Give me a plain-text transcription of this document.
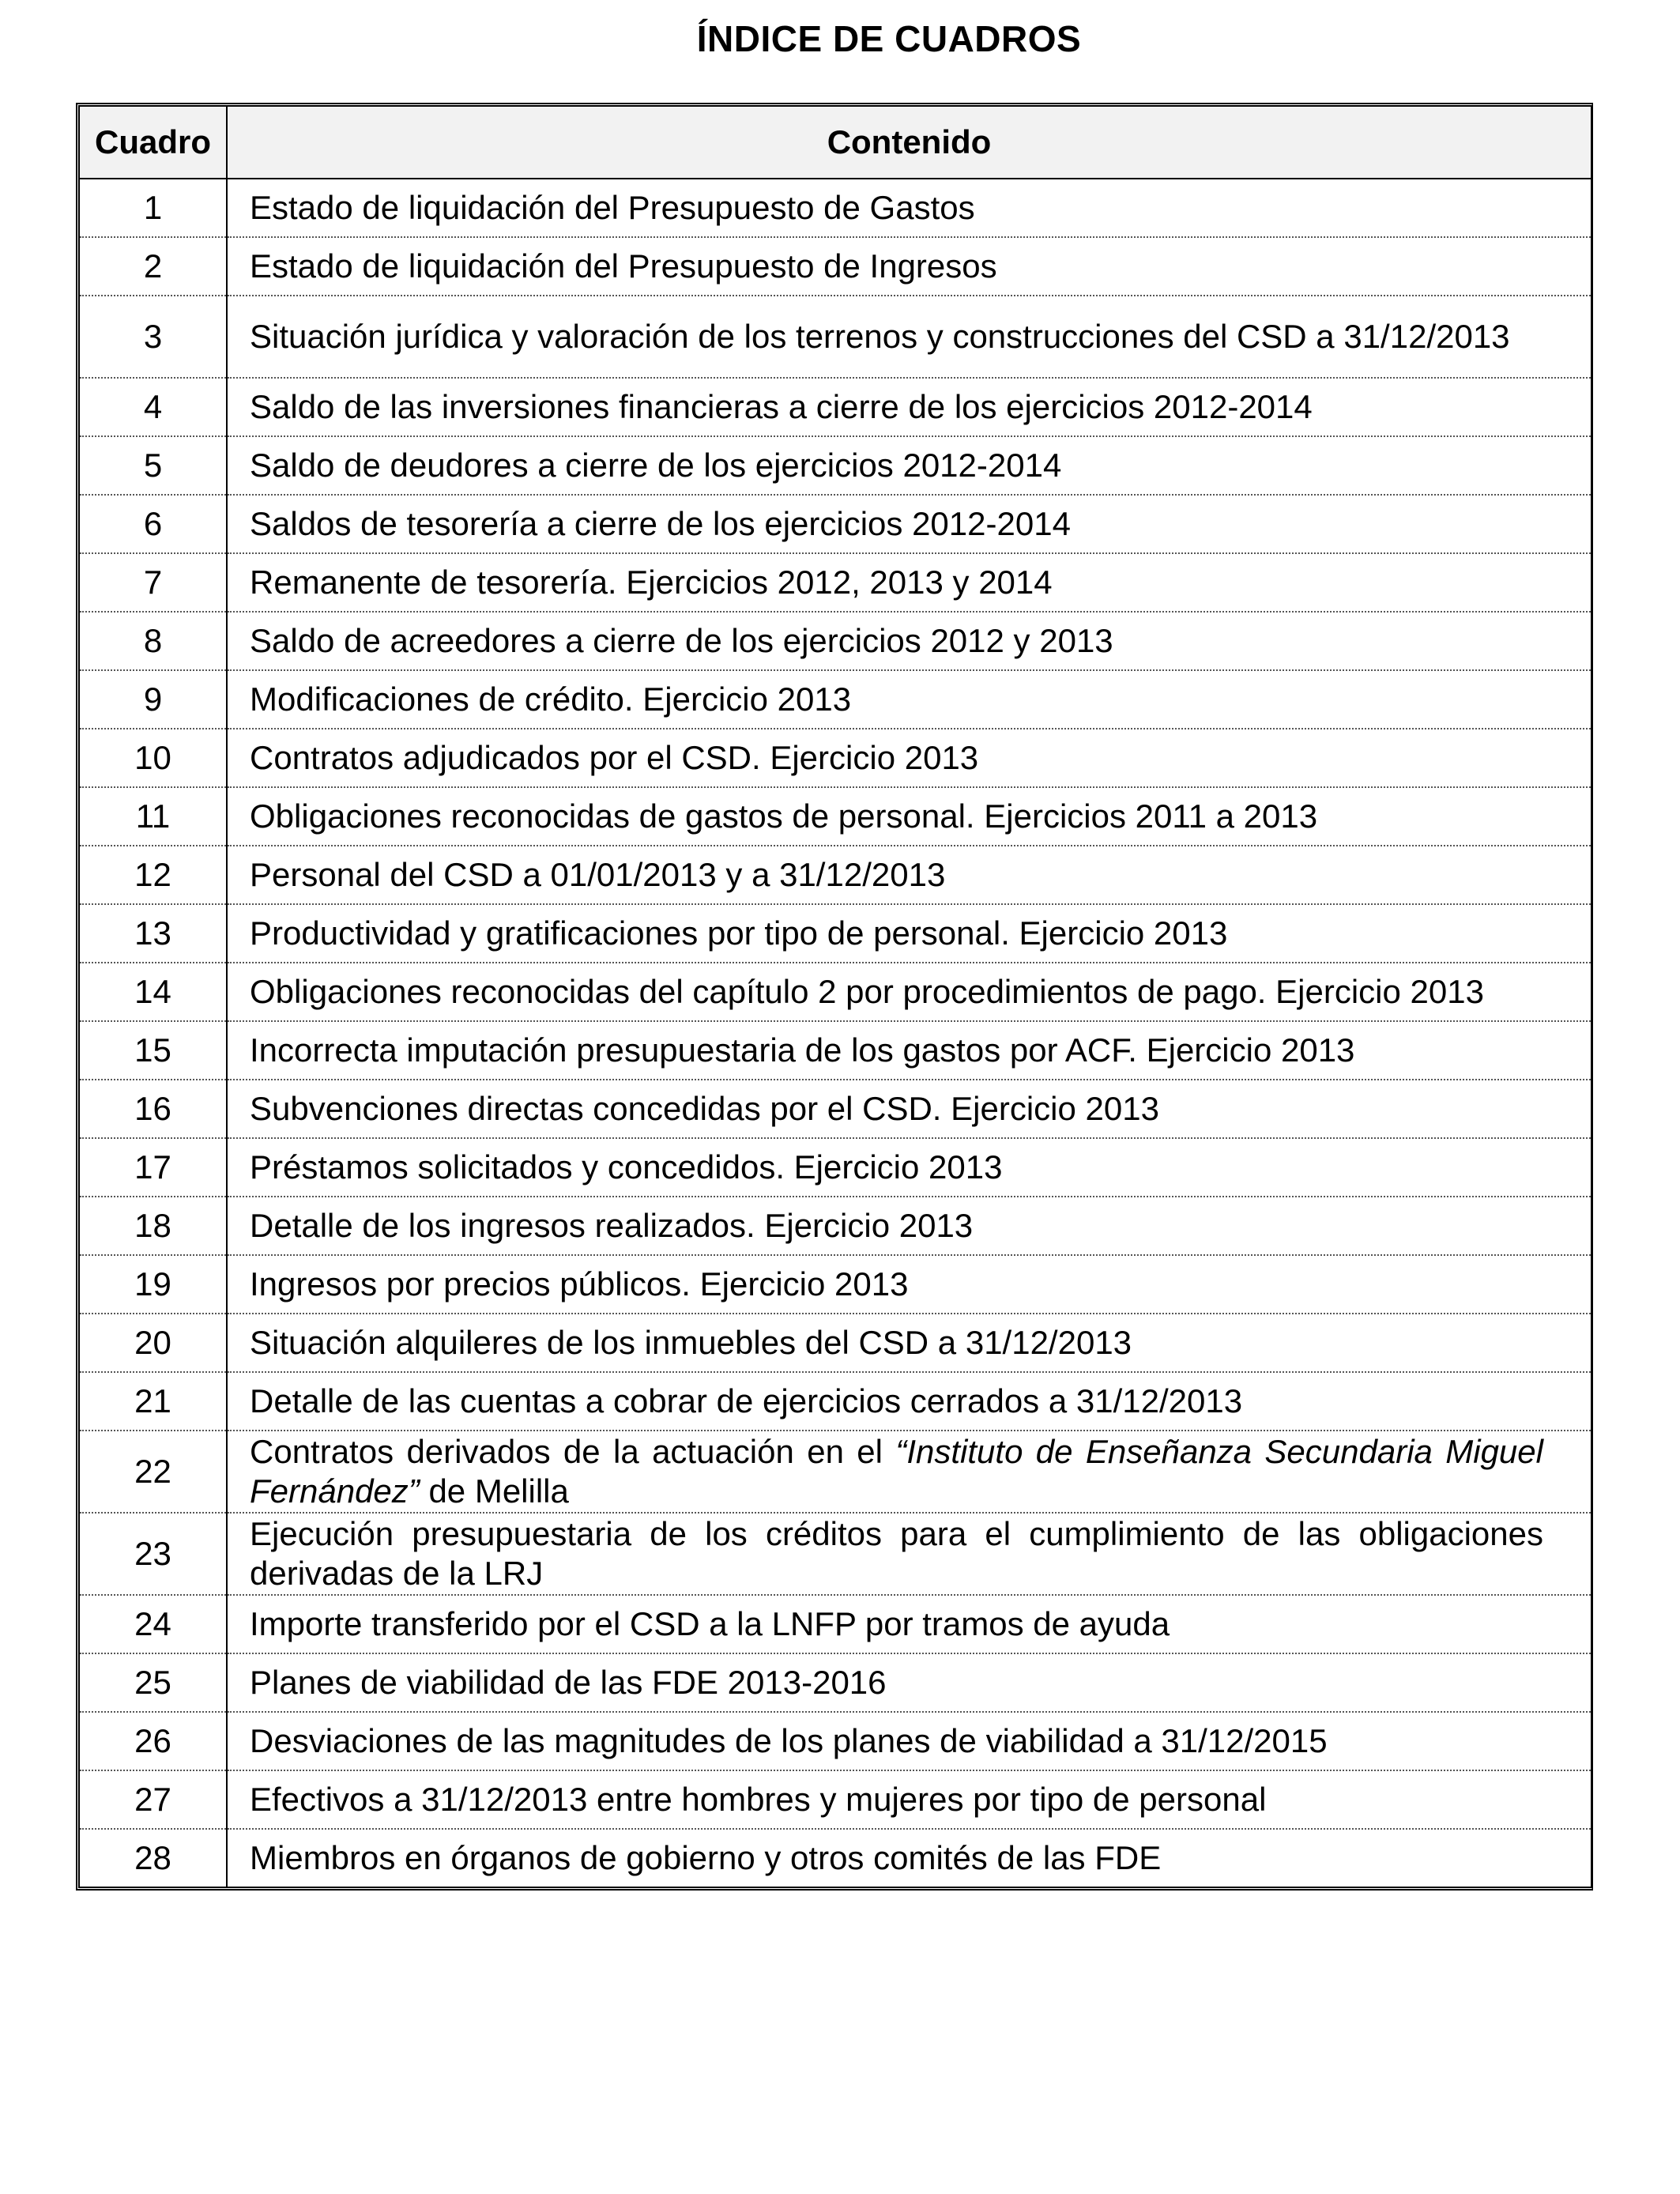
ÍNDICE DE CUADROS
Cuadro	Contenido
1	Estado de liquidación del Presupuesto de Gastos
2	Estado de liquidación del Presupuesto de Ingresos
3	Situación jurídica y valoración de los terrenos y construcciones del CSD a 31/12/2013
4	Saldo de las inversiones financieras a cierre de los ejercicios 2012-2014
5	Saldo de deudores a cierre de los ejercicios 2012-2014
6	Saldos de tesorería a cierre de los ejercicios 2012-2014
7	Remanente de tesorería. Ejercicios 2012, 2013 y 2014
8	Saldo de acreedores a cierre de los ejercicios 2012 y 2013
9	Modificaciones de crédito. Ejercicio 2013
10	Contratos adjudicados por el CSD. Ejercicio 2013
11	Obligaciones reconocidas de gastos de personal. Ejercicios 2011 a 2013
12	Personal del CSD a 01/01/2013 y a 31/12/2013
13	Productividad y gratificaciones por tipo de personal. Ejercicio 2013
14	Obligaciones reconocidas del capítulo 2 por procedimientos de pago. Ejercicio 2013
15	Incorrecta imputación presupuestaria de los gastos por ACF. Ejercicio 2013
16	Subvenciones directas concedidas por el CSD. Ejercicio 2013
17	Préstamos solicitados y concedidos. Ejercicio 2013
18	Detalle de los ingresos realizados. Ejercicio 2013
19	Ingresos por precios públicos. Ejercicio 2013
20	Situación alquileres de los inmuebles del CSD a 31/12/2013
21	Detalle de las cuentas a cobrar de ejercicios cerrados a 31/12/2013
22	Contratos derivados de la actuación en el “Instituto de Enseñanza Secundaria Miguel Fernández” de Melilla
23	Ejecución presupuestaria de los créditos para el cumplimiento de las obligaciones derivadas de la LRJ
24	Importe transferido por el CSD a la LNFP por tramos de ayuda
25	Planes de viabilidad de las FDE 2013-2016
26	Desviaciones de las magnitudes de los planes de viabilidad a 31/12/2015
27	Efectivos a 31/12/2013 entre hombres y mujeres por tipo de personal
28	Miembros en órganos de gobierno y otros comités de las FDE
